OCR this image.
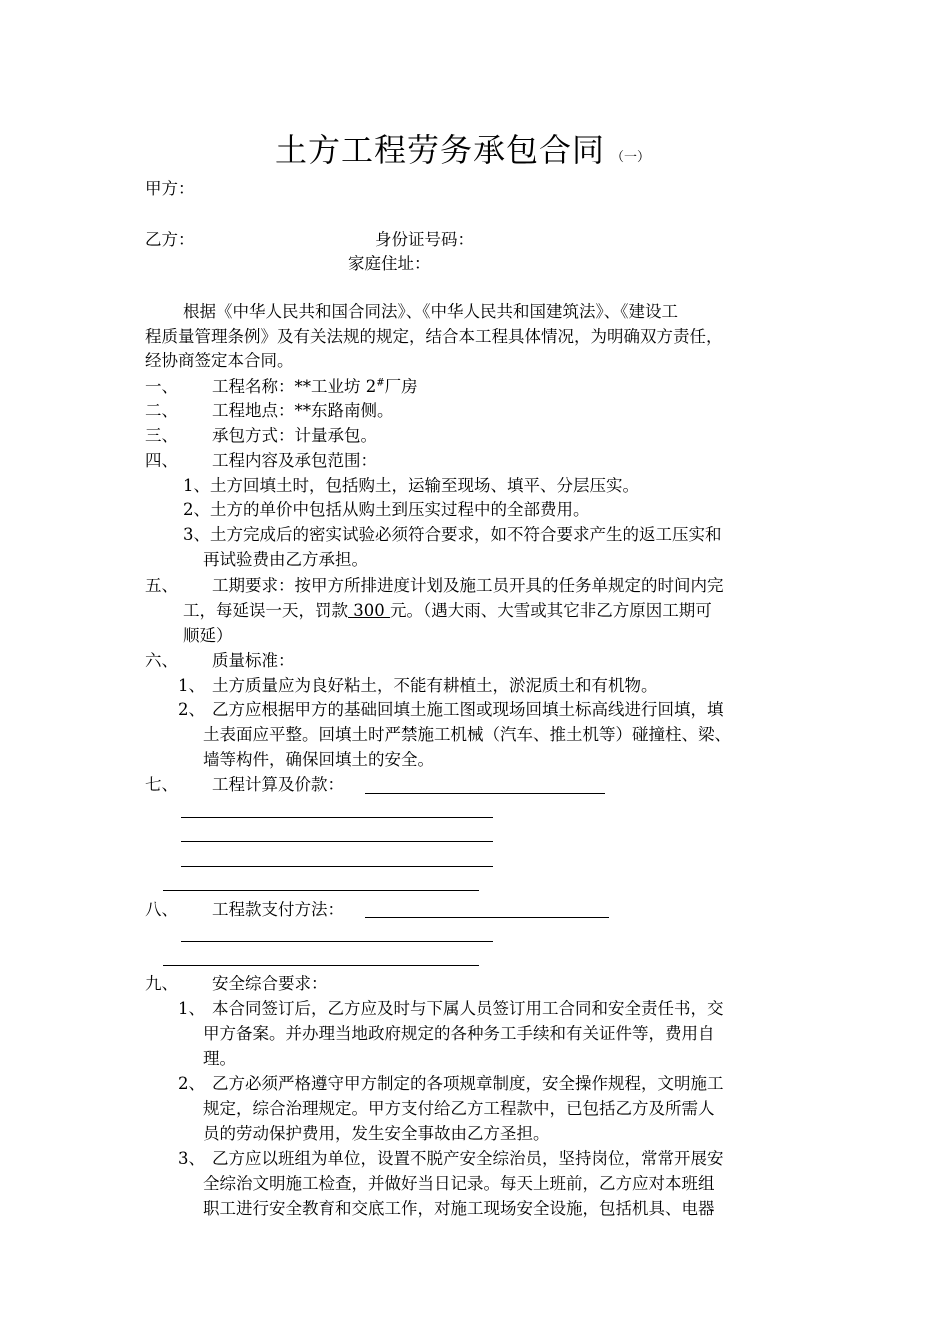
土方工程劳务承包合同 （一）
甲方：
乙方：	身份证号码：
家庭住址：
根据《中华人民共和国合同法》、《中华人民共和国建筑法》、《建设工
程质量管理条例》及有关法规的规定，结合本工程具体情况，为明确双方责任，
经协商签定本合同。
一、 工程名称：**工业坊 2#厂房
二、 工程地点：**东路南侧。
三、 承包方式：计量承包。
四、 工程内容及承包范围：
1、土方回填土时，包括购土，运输至现场、填平、分层压实。
2、土方的单价中包括从购土到压实过程中的全部费用。
3、土方完成后的密实试验必须符合要求，如不符合要求产生的返工压实和
再试验费由乙方承担。
五、 工期要求：按甲方所排进度计划及施工员开具的任务单规定的时间内完
工，每延误一天，罚款 300 元。（遇大雨、大雪或其它非乙方原因工期可
顺延）
六、 质量标准：
1、 土方质量应为良好粘土，不能有耕植土，淤泥质土和有机物。
2、 乙方应根据甲方的基础回填土施工图或现场回填土标高线进行回填，填
土表面应平整。回填土时严禁施工机械（汽车、推土机等）碰撞柱、梁、
墙等构件，确保回填土的安全。
七、 工程计算及价款：
八、 工程款支付方法：
九、 安全综合要求：
1、 本合同签订后，乙方应及时与下属人员签订用工合同和安全责任书，交
甲方备案。并办理当地政府规定的各种务工手续和有关证件等，费用自
理。
2、 乙方必须严格遵守甲方制定的各项规章制度，安全操作规程，文明施工
规定，综合治理规定。甲方支付给乙方工程款中，已包括乙方及所需人
员的劳动保护费用，发生安全事故由乙方圣担。
3、 乙方应以班组为单位，设置不脱产安全综治员，坚持岗位，常常开展安
全综治文明施工检查，并做好当日记录。每天上班前，乙方应对本班组
职工进行安全教育和交底工作，对施工现场安全设施，包括机具、电器
